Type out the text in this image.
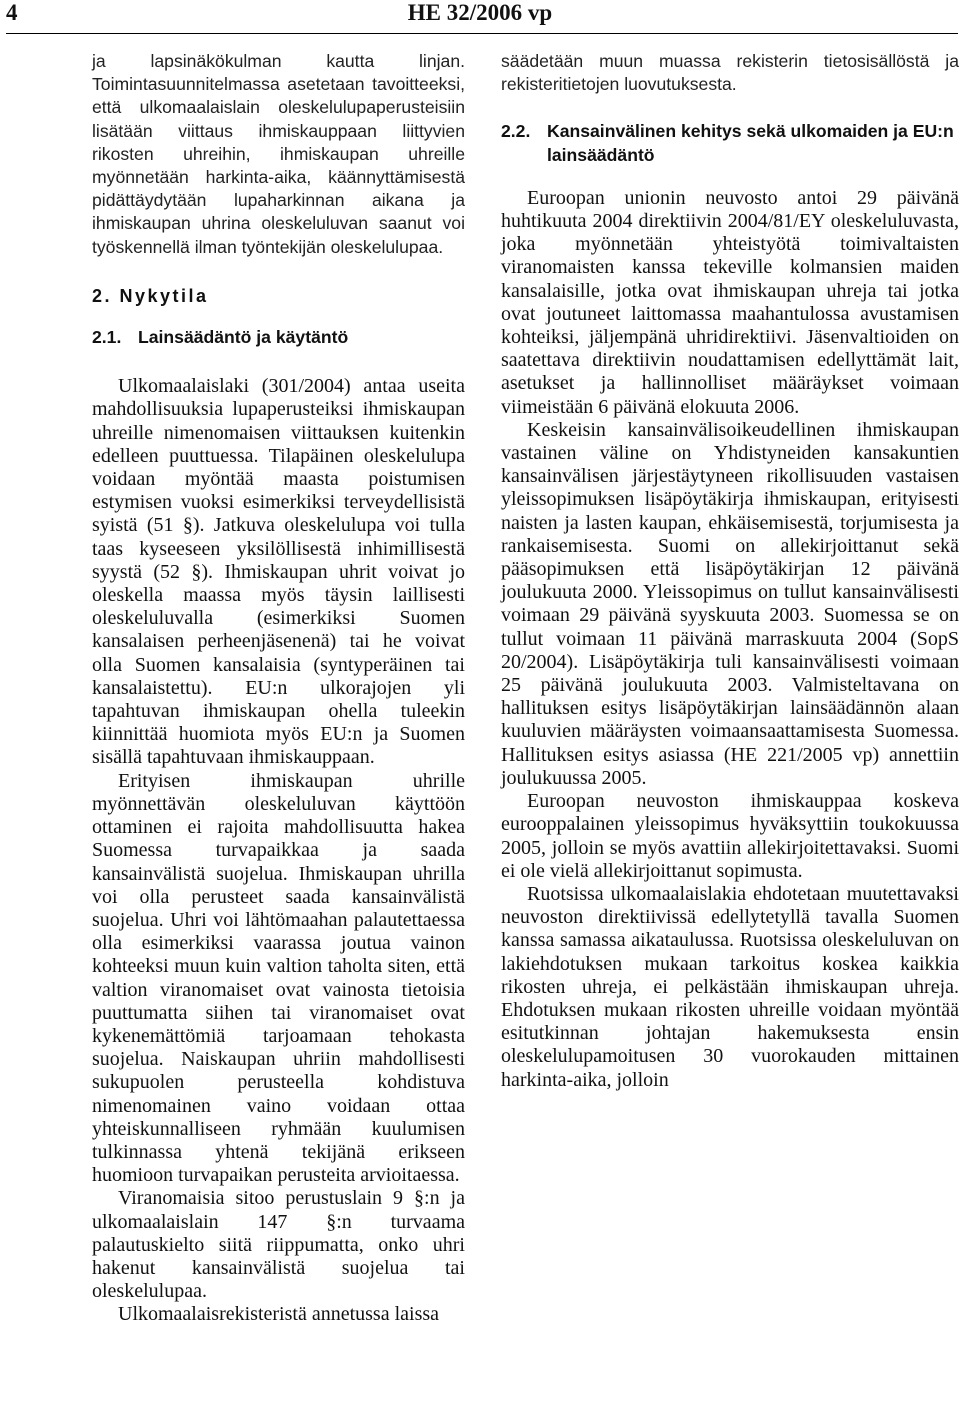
4	HE 32/2006 vp

ja lapsinäkökulman kautta linjan. Toimintasuunnitelmassa asetetaan tavoitteeksi, että ulkomaalaislain oleskelulupaperusteisiin lisätään viittaus ihmiskauppaan liittyvien rikosten uhreihin, ihmiskaupan uhreille myönnetään harkinta-aika, käännyttämisestä pidättäydytään lupaharkinnan aikana ja ihmiskaupan uhrina oleskeluluvan saanut voi työskennellä ilman työntekijän oleskelulupaa.

2. Nykytila
2.1. Lainsäädäntö ja käytäntö

Ulkomaalaislaki (301/2004) antaa useita mahdollisuuksia lupaperusteiksi ihmiskaupan uhreille nimenomaisen viittauksen kuitenkin edelleen puuttuessa. Tilapäinen oleskelulupa voidaan myöntää maasta poistumisen estymisen vuoksi esimerkiksi terveydellisistä syistä (51 §). Jatkuva oleskelulupa voi tulla taas kyseeseen yksilöllisestä inhimillisestä syystä (52 §). Ihmiskaupan uhrit voivat jo oleskella maassa myös täysin laillisesti oleskeluluvalla (esimerkiksi Suomen kansalaisen perheenjäsenenä) tai he voivat olla Suomen kansalaisia (syntyperäinen tai kansalaistettu). EU:n ulkorajojen yli tapahtuvan ihmiskaupan ohella tuleekin kiinnittää huomiota myös EU:n ja Suomen sisällä tapahtuvaan ihmiskauppaan.

Erityisen ihmiskaupan uhrille myönnettävän oleskeluluvan käyttöön ottaminen ei rajoita mahdollisuutta hakea Suomessa turvapaikkaa ja saada kansainvälistä suojelua. Ihmiskaupan uhrilla voi olla perusteet saada kansainvälistä suojelua. Uhri voi lähtömaahan palautettaessa olla esimerkiksi vaarassa joutua vainon kohteeksi muun kuin valtion taholta siten, että valtion viranomaiset ovat vainosta tietoisia puuttumatta siihen tai viranomaiset ovat kykenemättömiä tarjoamaan tehokasta suojelua. Naiskaupan uhriin mahdollisesti sukupuolen perusteella kohdistuva nimenomainen vaino voidaan ottaa yhteiskunnalliseen ryhmään kuulumisen tulkinnassa yhtenä tekijänä erikseen huomioon turvapaikan perusteita arvioitaessa.

Viranomaisia sitoo perustuslain 9 §:n ja ulkomaalaislain 147 §:n turvaama palautuskielto siitä riippumatta, onko uhri hakenut kansainvälistä suojelua tai oleskelulupaa.

Ulkomaalaisrekisteristä annetussa laissa

säädetään muun muassa rekisterin tietosisällöstä ja rekisteritietojen luovutuksesta.

2.2. Kansainvälinen kehitys sekä ulkomaiden ja EU:n lainsäädäntö

Euroopan unionin neuvosto antoi 29 päivänä huhtikuuta 2004 direktiivin 2004/81/EY oleskeluluvasta, joka myönnetään yhteistyötä toimivaltaisten viranomaisten kanssa tekeville kolmansien maiden kansalaisille, jotka ovat ihmiskaupan uhreja tai jotka ovat joutuneet laittomassa maahantulossa avustamisen kohteiksi, jäljempänä uhridirektiivi. Jäsenvaltioiden on saatettava direktiivin noudattamisen edellyttämät lait, asetukset ja hallinnolliset määräykset voimaan viimeistään 6 päivänä elokuuta 2006.

Keskeisin kansainvälisoikeudellinen ihmiskaupan vastainen väline on Yhdistyneiden kansakuntien kansainvälisen järjestäytyneen rikollisuuden vastaisen yleissopimuksen lisäpöytäkirja ihmiskaupan, erityisesti naisten ja lasten kaupan, ehkäisemisestä, torjumisesta ja rankaisemisesta. Suomi on allekirjoittanut sekä pääsopimuksen että lisäpöytäkirjan 12 päivänä joulukuuta 2000. Yleissopimus on tullut kansainvälisesti voimaan 29 päivänä syyskuuta 2003. Suomessa se on tullut voimaan 11 päivänä marraskuuta 2004 (SopS 20/2004). Lisäpöytäkirja tuli kansainvälisesti voimaan 25 päivänä joulukuuta 2003. Valmisteltavana on hallituksen esitys lisäpöytäkirjan lainsäädännön alaan kuuluvien määräysten voimaansaattamisesta Suomessa. Hallituksen esitys asiassa (HE 221/2005 vp) annettiin joulukuussa 2005.

Euroopan neuvoston ihmiskauppaa koskeva eurooppalainen yleissopimus hyväksyttiin toukokuussa 2005, jolloin se myös avattiin allekirjoitettavaksi. Suomi ei ole vielä allekirjoittanut sopimusta.

Ruotsissa ulkomaalaislakia ehdotetaan muutettavaksi neuvoston direktiivissä edellytetyllä tavalla Suomen kanssa samassa aikataulussa. Ruotsissa oleskeluluvan on lakiehdotuksen mukaan tarkoitus koskea kaikkia rikosten uhreja, ei pelkästään ihmiskaupan uhreja. Ehdotuksen mukaan rikosten uhreille voidaan myöntää esitutkinnan johtajan hakemuksesta ensin oleskelulupamoitusen 30 vuorokauden mittainen harkinta-aika, jolloin
